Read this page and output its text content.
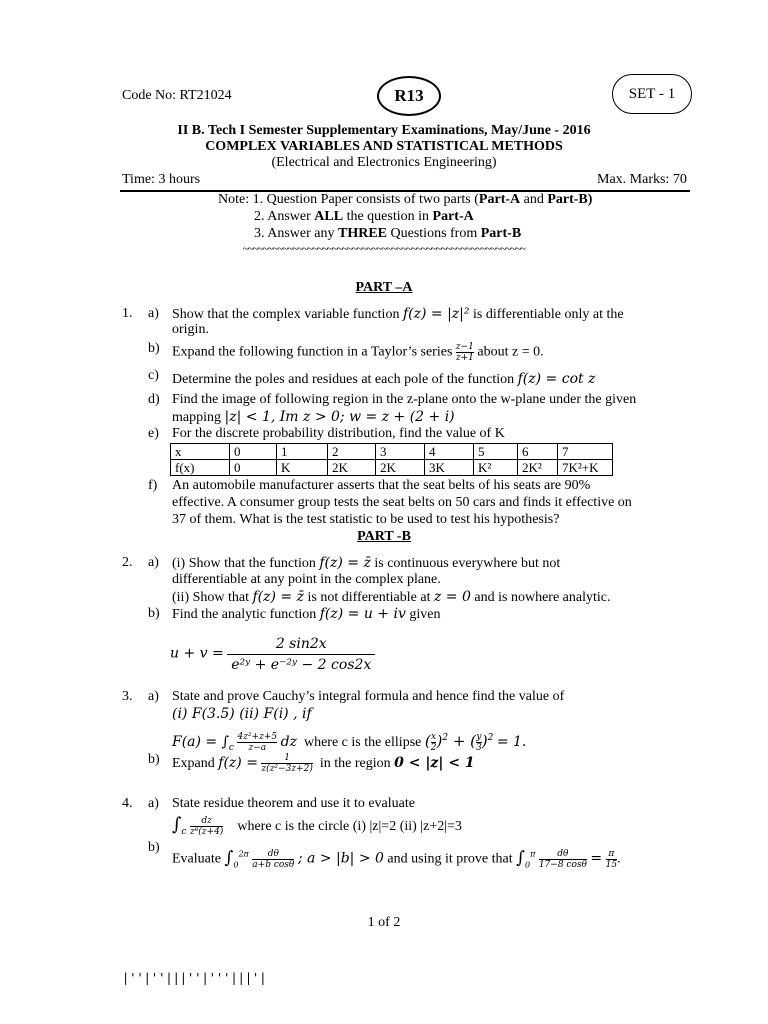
Code No: RT21024	R13	SET - 1
II B. Tech I Semester Supplementary Examinations, May/June - 2016
COMPLEX VARIABLES AND STATISTICAL METHODS
(Electrical and Electronics Engineering)
Time: 3 hours	Max. Marks: 70
Note: 1. Question Paper consists of two parts (Part-A and Part-B)
2. Answer ALL the question in Part-A
3. Answer any THREE Questions from Part-B
~~~~~~~~~~~~~~~~~~~~~~~~~~~~~~~~~~~~~~~~~~~~~~~~~~~~~~~~~
PART –A
1. a) Show that the complex variable function f(z) = |z|² is differentiable only at the
origin.
b) Expand the following function in a Taylor’s series $\frac{z-1}{z+1}$ about z = 0.
c) Determine the poles and residues at each pole of the function f(z) = cot z
d) Find the image of following region in the z-plane onto the w-plane under the given
mapping |z| < 1, Im z > 0; w = z + (2 + i)
e) For the discrete probability distribution, find the value of K
x	0	1	2	3	4	5	6	7
f(x)	0	K	2K	2K	3K	K²	2K²	7K²+K
f) An automobile manufacturer asserts that the seat belts of his seats are 90%
effective. A consumer group tests the seat belts on 50 cars and finds it effective on
37 of them. What is the test statistic to be used to test his hypothesis?
PART -B
2. a) (i) Show that the function f(z) = z̄ is continuous everywhere but not
differentiable at any point in the complex plane.
(ii) Show that f(z) = z̄ is not differentiable at z = 0 and is nowhere analytic.
b) Find the analytic function f(z) = u + iv given
$u + v = \frac{2 \sin 2x}{\text{e²ʸ + e⁻²ʸ − 2 cos2x}}$
3. a) State and prove Cauchy’s integral formula and hence find the value of
(i) F(3.5) (ii) F(i) , if
$F(a) = \int_c \frac{\text{4z²+z+5}}{z-a}$ dz where c is the ellipse ( $\frac{x}{2} )^2$ + ( $\frac{y}{3} )^2 = 1$.
b) Expand $f(z) = \frac{1}{\text{z(z²−3z+2)}}$ in the region 0 < |z| < 1
4. a) State residue theorem and use it to evaluate
$\int_c \frac{dz}{\text{z⁸(z+4)}}$ where c is the circle (i) |z|=2 (ii) |z+2|=3
b)
Evaluate $\int_0^{2\pi} \frac{d\theta}{\text{a+b cosθ}}$ ; a > |b| > 0 and using it prove that $\int_0^\pi \frac{d\theta}{17-8 \cos\theta} = \frac{\pi}{15}$ .
1 of 2
|''|''|||''|'''|||'|
